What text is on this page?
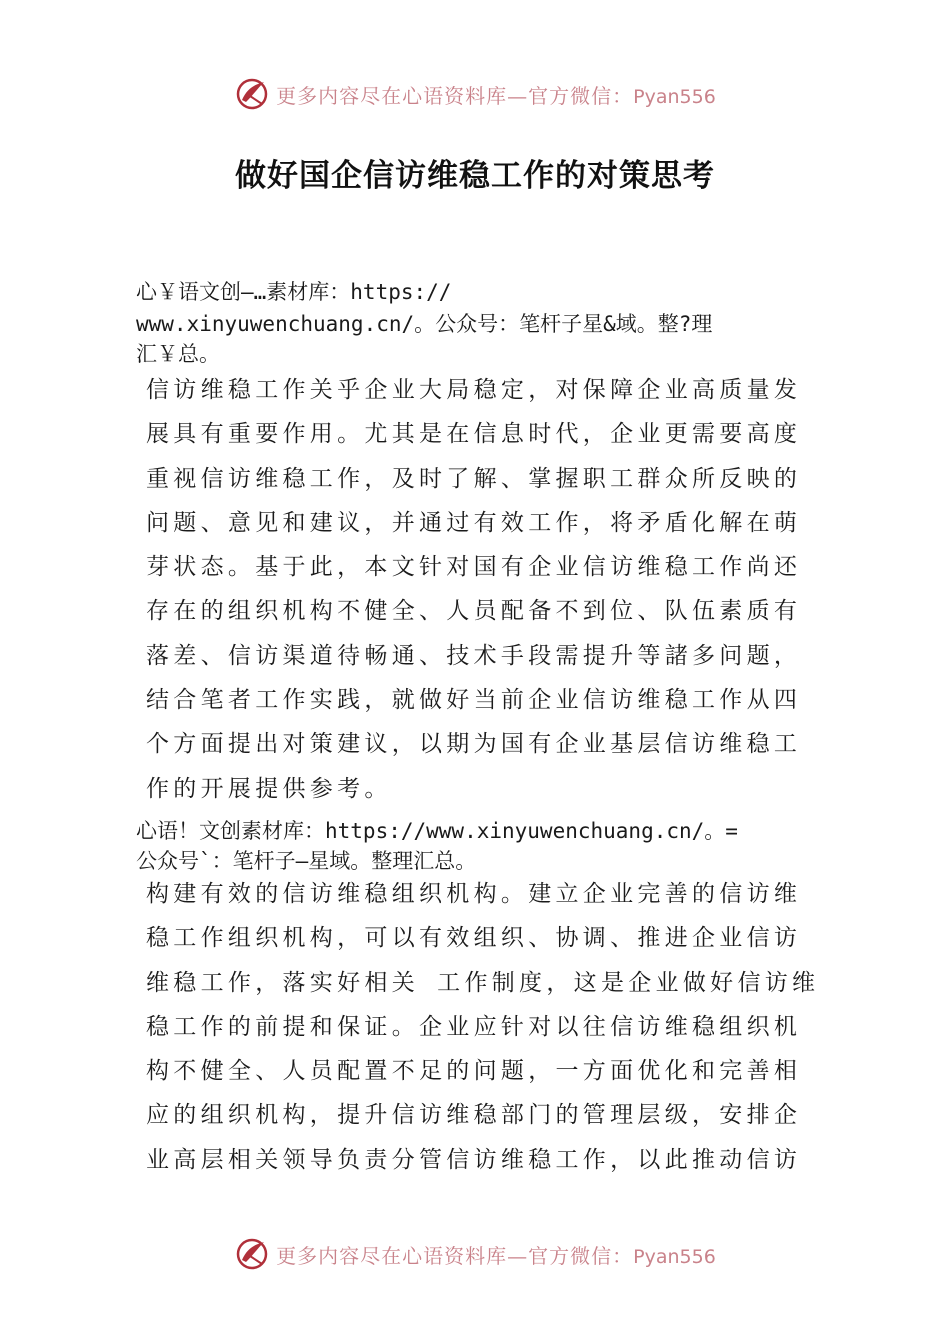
更多内容尽在心语资料库—官方微信：Pyan556
做好国企信访维稳工作的对策思考
心￥语文创—…素材库：https://
www.xinyuwenchuang.cn/。公众号：笔杆子星&域。整?理
汇￥总。
信访维稳工作关乎企业大局稳定，对保障企业高质量发
展具有重要作用。尤其是在信息时代，企业更需要高度
重视信访维稳工作，及时了解、掌握职工群众所反映的
问题、意见和建议，并通过有效工作，将矛盾化解在萌
芽状态。基于此，本文针对国有企业信访维稳工作尚还
存在的组织机构不健全、人员配备不到位、队伍素质有
落差、信访渠道待畅通、技术手段需提升等諸多问题，
结合笔者工作实践，就做好当前企业信访维稳工作从四
个方面提出对策建议，以期为国有企业基层信访维稳工
作的开展提供参考。
心语！文创素材库：https://www.xinyuwenchuang.cn/。=
公众号`：笔杆子—星域。整理汇总。
构建有效的信访维稳组织机构。建立企业完善的信访维
稳工作组织机构，可以有效组织、协调、推进企业信访
维稳工作，落实好相关 工作制度，这是企业做好信访维
稳工作的前提和保证。企业应针对以往信访维稳组织机
构不健全、人员配置不足的问题，一方面优化和完善相
应的组织机构，提升信访维稳部门的管理层级，安排企
业高层相关领导负责分管信访维稳工作，以此推动信访
更多内容尽在心语资料库—官方微信：Pyan556
